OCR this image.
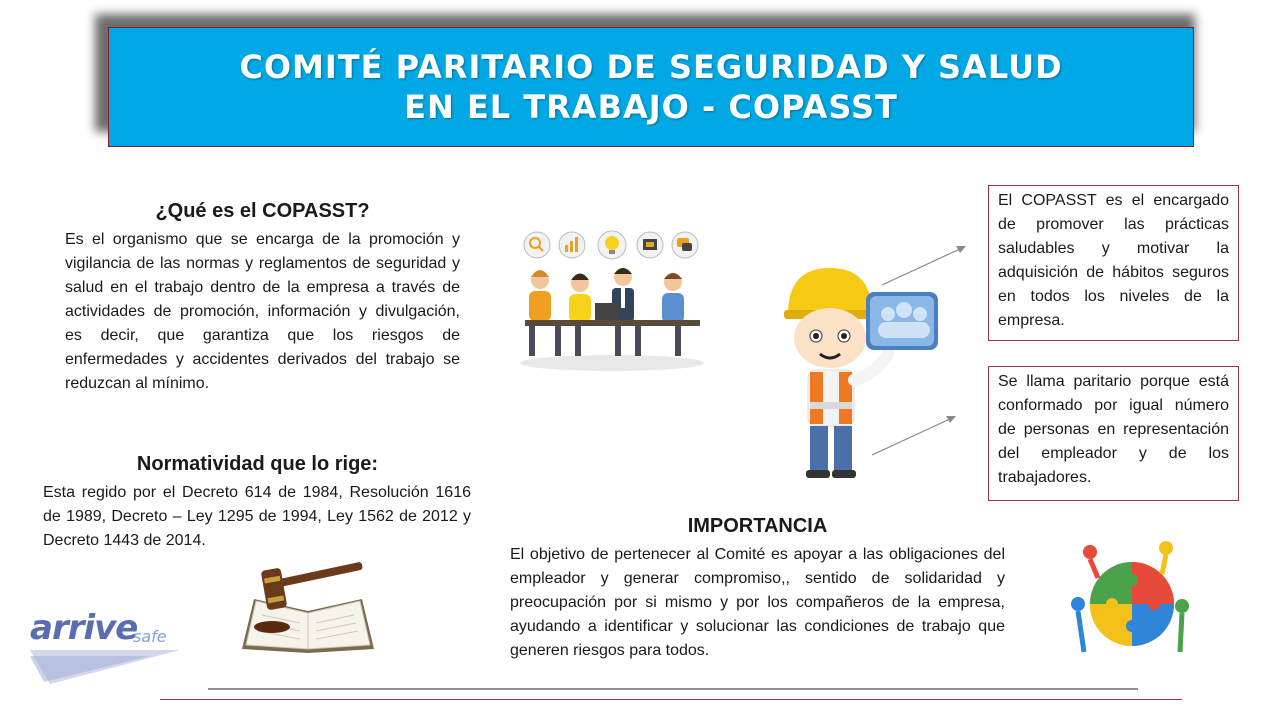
COMITÉ PARITARIO DE SEGURIDAD Y SALUD
EN EL TRABAJO - COPASST
¿Qué es el COPASST?
Es el organismo que se encarga de la promoción y vigilancia de las normas y reglamentos de seguridad y salud en el trabajo dentro de la empresa a través de actividades de promoción, información y divulgación, es decir, que garantiza que los riesgos de enfermedades y accidentes derivados del trabajo se reduzcan al mínimo.
El COPASST es el encargado de promover las prácticas saludables y motivar la adquisición de hábitos seguros en todos los niveles de la empresa.
Se llama paritario porque está conformado por igual número de personas en representación del empleador y de los trabajadores.
Normatividad que lo rige:
Esta regido por el Decreto 614 de 1984, Resolución 1616 de 1989, Decreto – Ley 1295 de 1994, Ley 1562 de 2012 y Decreto 1443 de 2014.
arrive
safe
IMPORTANCIA
El objetivo de pertenecer al Comité es apoyar a las obligaciones del empleador y generar compromiso,, sentido de solidaridad y preocupación por si mismo y por los compañeros de la empresa, ayudando a identificar y solucionar las condiciones de trabajo que generen riesgos para todos.
